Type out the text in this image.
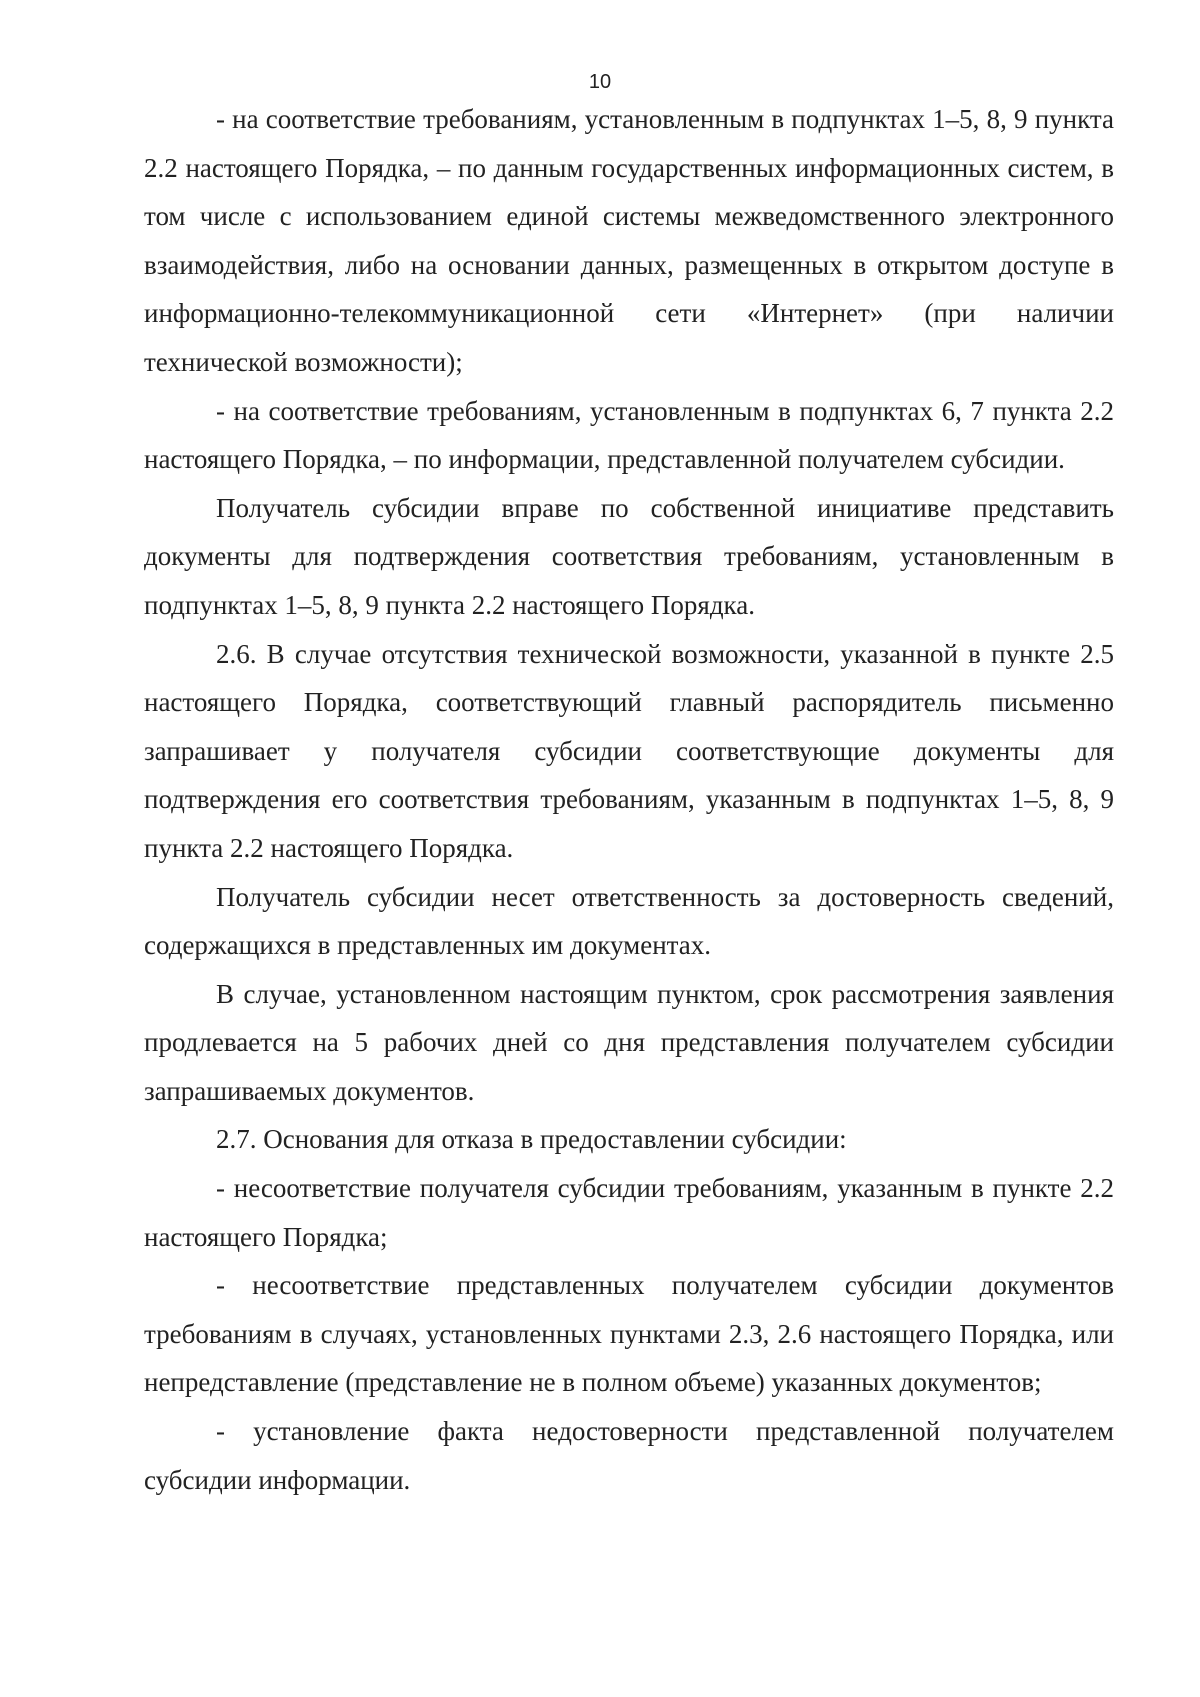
10

- на соответствие требованиям, установленным в подпунктах 1–5, 8, 9 пункта 2.2 настоящего Порядка, – по данным государственных информационных систем, в том числе с использованием единой системы межведомственного электронного взаимодействия, либо на основании данных, размещенных в открытом доступе в информационно-телекоммуникационной сети «Интернет» (при наличии технической возможности);

- на соответствие требованиям, установленным в подпунктах 6, 7 пункта 2.2 настоящего Порядка, – по информации, представленной получателем субсидии.

Получатель субсидии вправе по собственной инициативе представить документы для подтверждения соответствия требованиям, установленным в подпунктах 1–5, 8, 9 пункта 2.2 настоящего Порядка.

2.6. В случае отсутствия технической возможности, указанной в пункте 2.5 настоящего Порядка, соответствующий главный распорядитель письменно запрашивает у получателя субсидии соответствующие документы для подтверждения его соответствия требованиям, указанным в подпунктах 1–5, 8, 9 пункта 2.2 настоящего Порядка.

Получатель субсидии несет ответственность за достоверность сведений, содержащихся в представленных им документах.

В случае, установленном настоящим пунктом, срок рассмотрения заявления продлевается на 5 рабочих дней со дня представления получателем субсидии запрашиваемых документов.

2.7. Основания для отказа в предоставлении субсидии:

- несоответствие получателя субсидии требованиям, указанным в пункте 2.2 настоящего Порядка;

- несоответствие представленных получателем субсидии документов требованиям в случаях, установленных пунктами 2.3, 2.6 настоящего Порядка, или непредставление (представление не в полном объеме) указанных документов;

- установление факта недостоверности представленной получателем субсидии информации.
